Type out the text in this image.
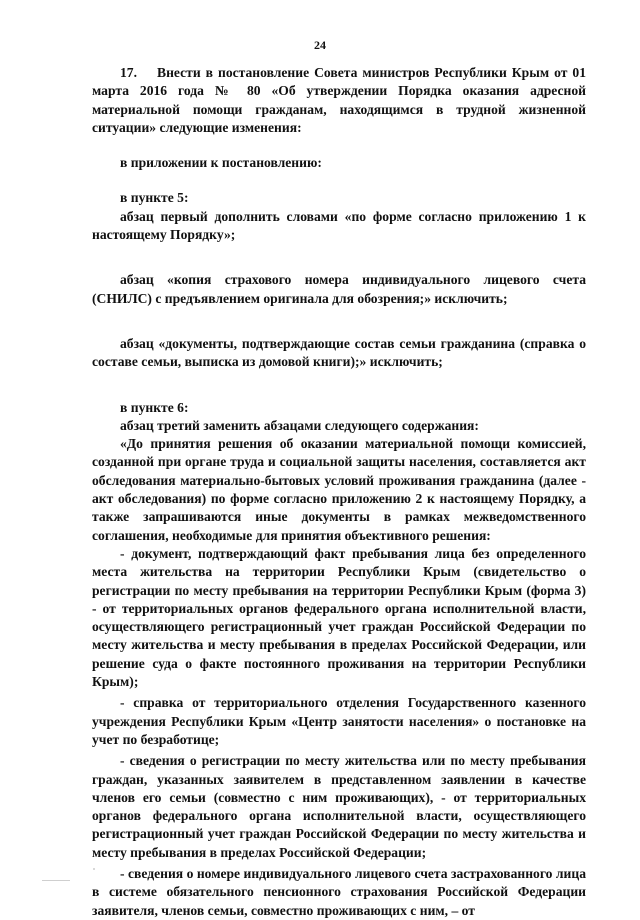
24

17.    Внести в постановление Совета министров Республики Крым от 01 марта 2016 года № 80 «Об утверждении Порядка оказания адресной материальной помощи гражданам, находящимся в трудной жизненной ситуации» следующие изменения:

в приложении к постановлению:

в пункте 5:

абзац первый дополнить словами «по форме согласно приложению 1 к настоящему Порядку»;

абзац «копия страхового номера индивидуального лицевого счета (СНИЛС) с предъявлением оригинала для обозрения;» исключить;

абзац «документы, подтверждающие состав семьи гражданина (справка о составе семьи, выписка из домовой книги);» исключить;

в пункте 6:

абзац третий заменить абзацами следующего содержания:

«До принятия решения об оказании материальной помощи комиссией, созданной при органе труда и социальной защиты населения, составляется акт обследования материально-бытовых условий проживания гражданина (далее - акт обследования) по форме согласно приложению 2 к настоящему Порядку, а также запрашиваются иные документы в рамках межведомственного соглашения, необходимые для принятия объективного решения:

- документ, подтверждающий факт пребывания лица без определенного места жительства на территории Республики Крым (свидетельство о регистрации по месту пребывания на территории Республики Крым (форма 3) - от территориальных органов федерального органа исполнительной власти, осуществляющего регистрационный учет граждан Российской Федерации по месту жительства и месту пребывания в пределах Российской Федерации, или решение суда о факте постоянного проживания на территории Республики Крым);

- справка от территориального отделения Государственного казенного учреждения Республики Крым «Центр занятости населения» о постановке на учет по безработице;

- сведения о регистрации по месту жительства или по месту пребывания граждан, указанных заявителем в представленном заявлении в качестве членов его семьи (совместно с ним проживающих), - от территориальных органов федерального органа исполнительной власти, осуществляющего регистрационный учет граждан Российской Федерации по месту жительства и месту пребывания в пределах Российской Федерации;

- сведения о номере индивидуального лицевого счета застрахованного лица в системе обязательного пенсионного страхования Российской Федерации заявителя, членов семьи, совместно проживающих с ним, – от
